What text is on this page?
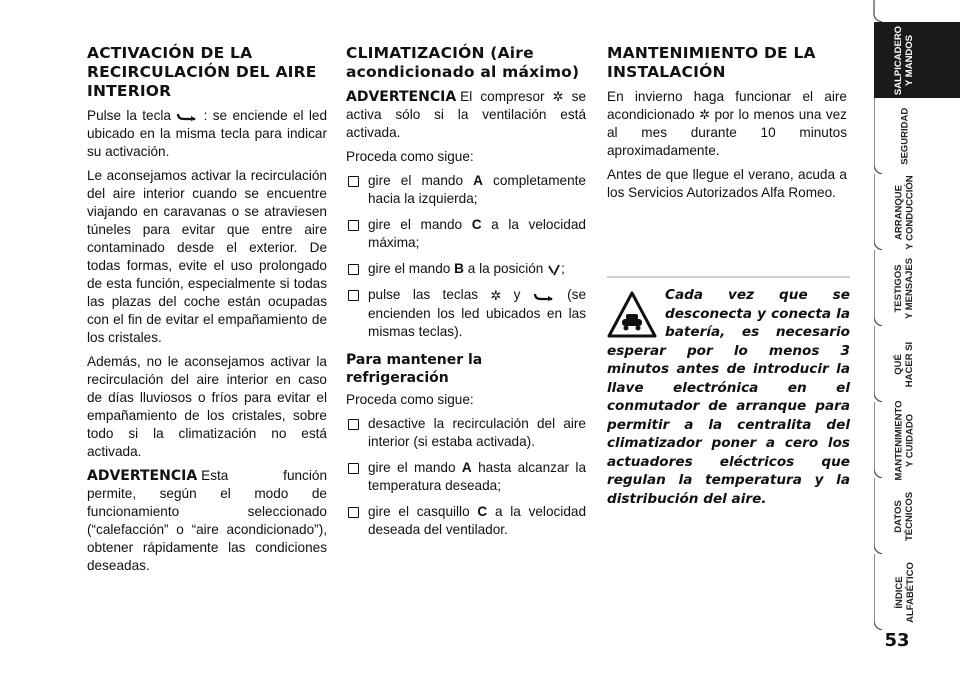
ACTIVACIÓN DE LA RECIRCULACIÓN DEL AIRE INTERIOR

Pulse la tecla : se enciende el led ubicado en la misma tecla para indicar su activación.

Le aconsejamos activar la recirculación del aire interior cuando se encuentre viajando en caravanas o se atraviesen túneles para evitar que entre aire contaminado desde el exterior. De todas formas, evite el uso prolongado de esta función, especialmente si todas las plazas del coche están ocupadas con el fin de evitar el empañamiento de los cristales.

Además, no le aconsejamos activar la recirculación del aire interior en caso de días lluviosos o fríos para evitar el empañamiento de los cristales, sobre todo si la climatización no está activada.

ADVERTENCIA Esta función permite, según el modo de funcionamiento seleccionado (“calefacción” o “aire acondicionado”), obtener rápidamente las condiciones deseadas.

CLIMATIZACIÓN (Aire acondicionado al máximo)

ADVERTENCIA El compresor ✲ se activa sólo si la ventilación está activada.

Proceda como sigue:

gire el mando A completamente hacia la izquierda;
gire el mando C a la velocidad máxima;
gire el mando B a la posición ;
pulse las teclas ✲ y	(se encienden los led ubicados en las mismas teclas).
Para mantener la refrigeración

Proceda como sigue:

desactive la recirculación del aire interior (si estaba activada).
gire el mando A hasta alcanzar la temperatura deseada;
gire el casquillo C a la velocidad deseada del ventilador.
MANTENIMIENTO DE LA INSTALACIÓN

En invierno haga funcionar el aire acondicionado ✲ por lo menos una vez al mes durante 10 minutos aproximadamente.

Antes de que llegue el verano, acuda a los Servicios Autorizados Alfa Romeo.

Cada vez que se desconecta y conecta la batería, es necesario esperar por lo menos 3 minutos antes de introducir la llave electrónica en el conmutador de arranque para permitir a la centralita del climatizador poner a cero los actuadores eléctricos que regulan la temperatura y la distribución del aire.

SALPICADERO
Y MANDOS
SEGURIDAD
ARRANQUE
Y CONDUCCIÓN
TESTIGOS
Y MENSAJES
QUÉ
HACER SI
MANTENIMIENTO
Y CUIDADO
DATOS
TÉCNICOS
ÍNDICE
ALFABÉTICO
53
